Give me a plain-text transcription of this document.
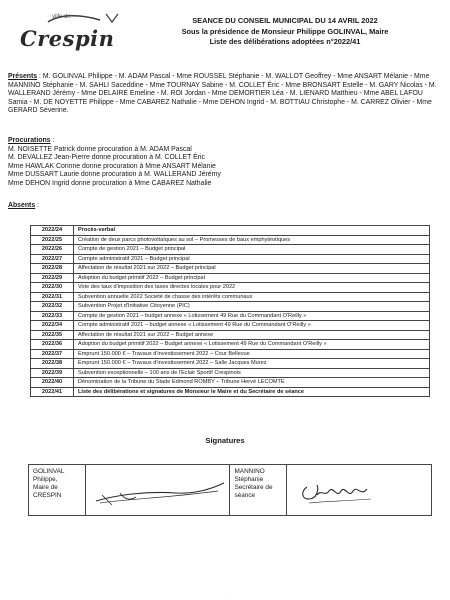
ville de
Crespin
SEANCE DU CONSEIL MUNICIPAL DU 14 AVRIL 2022
Sous la présidence de Monsieur Philippe GOLINVAL, Maire
Liste des délibérations adoptées n°2022/41
Présents : M. GOLINVAL Philippe - M. ADAM Pascal - Mme ROUSSEL Stéphanie - M. WALLOT Geoffrey - Mme ANSART Mélanie - Mme MANNINO Stéphanie - M. SAHLI Saceddine - Mme TOURNAY Sabine - M. COLLET Éric - Mme BRONSART Estelle - M. GARY Nicolas - M. WALLERAND Jérémy - Mme DELAIRE Emeline - M. ROI Jordan - Mme DEMORTIER Léa - M. LIENARD Matthieu - Mme ABEL LAFOU Samia - M. DE NOYETTE Philippe - Mme CABAREZ Nathalie - Mme DEHON Ingrid - M. BOTTIAU Christophe - M. CARREZ Olivier - Mme GERARD Séverine.
Procurations :
M. NOISETTE Patrick donne procuration à M. ADAM Pascal
M. DEVALLEZ Jean-Pierre donne procuration à M. COLLET Éric
Mme HAWLAK Corinne donne procuration à Mme ANSART Mélanie
Mme DUSSART Laurie donne procuration à M. WALLERAND Jérémy
Mme DEHON Ingrid donne procuration à Mme CABAREZ Nathalie
Absents :
2022/24	Procès-verbal
2022/25	Création de deux parcs photovoltaïques au sol – Promesses de baux emphytéotiques
2022/26	Compte de gestion 2021 – Budget principal
2022/27	Compte administratif 2021 – Budget principal
2022/28	Affectation de résultat 2021 sur 2022 – Budget principal
2022/29	Adoption du budget primitif 2022 – Budget principal
2022/30	Vote des taux d'imposition des taxes directes locales pour 2022
2022/31	Subvention annuelle 2022 Société de chasse des intérêts communaux
2022/32	Subvention Projet d'Initiative Citoyenne (PIC)
2022/33	Compte de gestion 2021 – budget annexe « Lotissement 49 Rue du Commandant O'Reilly »
2022/34	Compte administratif 2021 – budget annexe « Lotissement 49 Rue du Commandant O'Reilly »
2022/35	Affectation de résultat 2021 sur 2022 – Budget annexe
2022/36	Adoption du budget primitif 2022 – Budget annexe « Lotissement 49 Rue du Commandant O'Reilly »
2022/37	Emprunt 150.000 € – Travaux d'investissement 2022 – Cour Bellevue
2022/38	Emprunt 150.000 € – Travaux d'investissement 2022 – Salle Jacques Murez
2022/39	Subvention exceptionnelle – 100 ans de l'Eclair Sportif Crespinois
2022/40	Dénomination de la Tribune du Stade Edmond ROMBY – Tribune Hervé LECOMTE
2022/41	Liste des délibérations et signatures de Monsieur le Maire et du Secrétaire de séance
Signatures
GOLINVAL Philippe,
Maire de CRESPIN

MANNINO Stéphanie
Secrétaire de séance

·
